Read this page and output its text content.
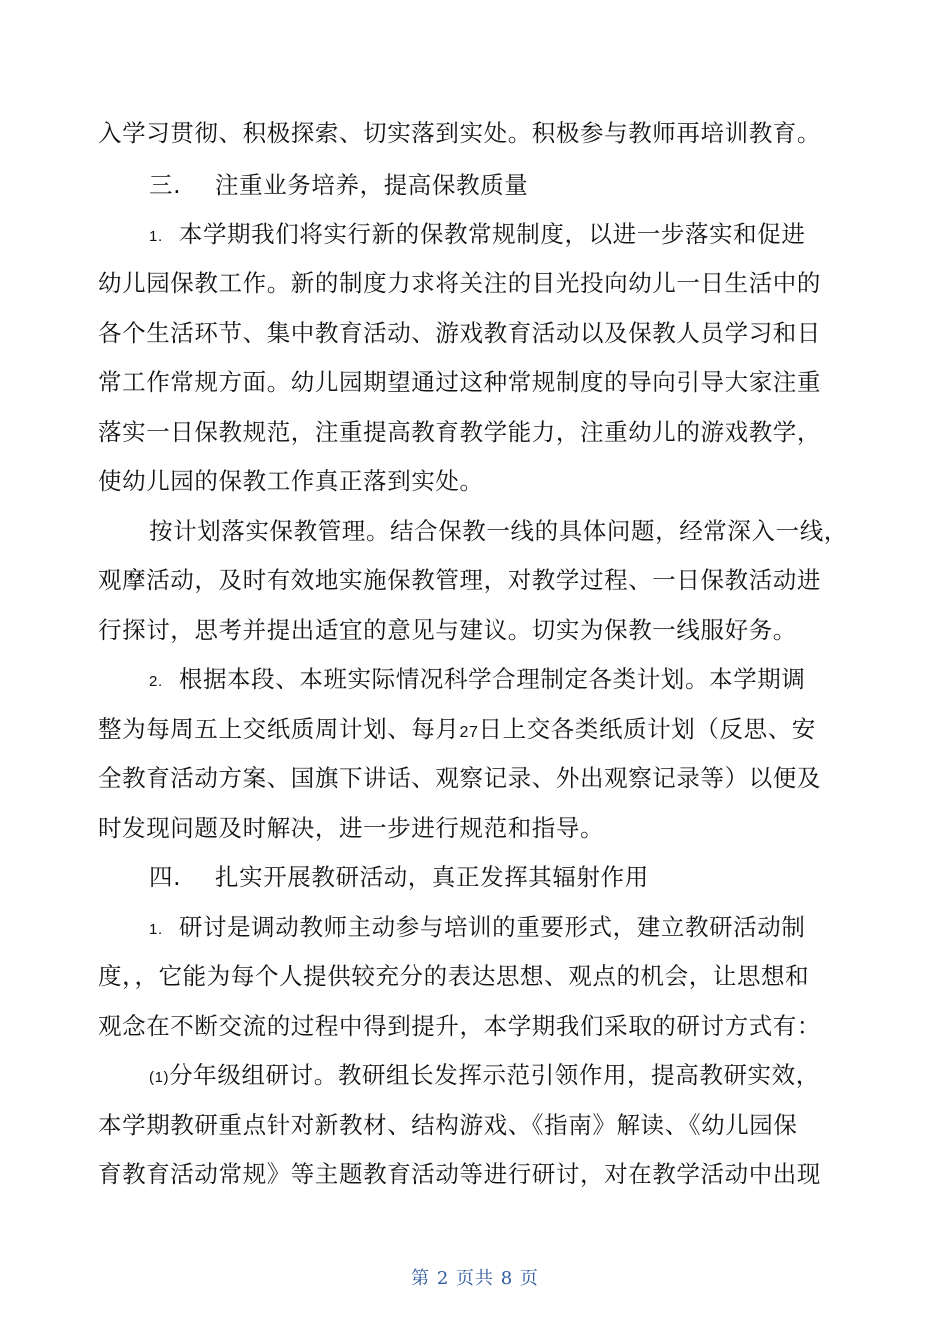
入学习贯彻、积极探索、切实落到实处。积极参与教师再培训教育。
三. 注重业务培养，提高保教质量
1. 本学期我们将实行新的保教常规制度，以进一步落实和促进
幼儿园保教工作。新的制度力求将关注的目光投向幼儿一日生活中的
各个生活环节、集中教育活动、游戏教育活动以及保教人员学习和日
常工作常规方面。幼儿园期望通过这种常规制度的导向引导大家注重
落实一日保教规范，注重提高教育教学能力，注重幼儿的游戏教学，
使幼儿园的保教工作真正落到实处。
按计划落实保教管理。结合保教一线的具体问题，经常深入一线，
观摩活动，及时有效地实施保教管理，对教学过程、一日保教活动进
行探讨，思考并提出适宜的意见与建议。切实为保教一线服好务。
2. 根据本段、本班实际情况科学合理制定各类计划。本学期调
整为每周五上交纸质周计划、每月27日上交各类纸质计划（反思、安
全教育活动方案、国旗下讲话、观察记录、外出观察记录等）以便及
时发现问题及时解决，进一步进行规范和指导。
四. 扎实开展教研活动，真正发挥其辐射作用
1. 研讨是调动教师主动参与培训的重要形式，建立教研活动制
度，，它能为每个人提供较充分的表达思想、观点的机会，让思想和
观念在不断交流的过程中得到提升，本学期我们采取的研讨方式有：
(1)分年级组研讨。教研组长发挥示范引领作用，提高教研实效，
本学期教研重点针对新教材、结构游戏、《指南》解读、《幼儿园保
育教育活动常规》等主题教育活动等进行研讨，对在教学活动中出现
第 2 页共 8 页
